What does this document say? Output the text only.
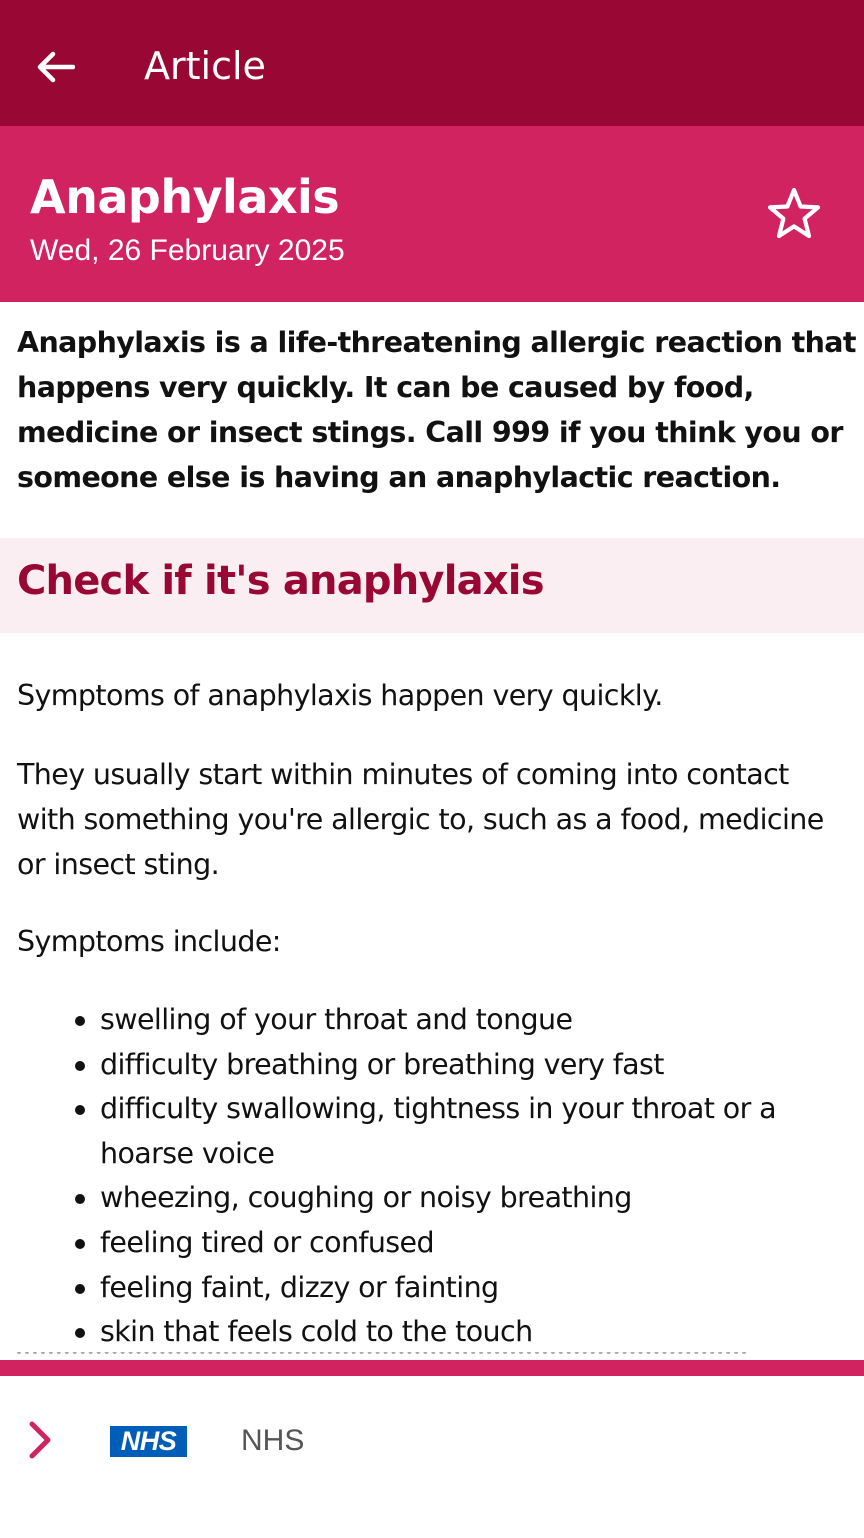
Article
Anaphylaxis
Wed, 26 February 2025

Anaphylaxis is a life-threatening allergic reaction that happens very quickly. It can be caused by food, medicine or insect stings. Call 999 if you think you or someone else is having an anaphylactic reaction.

Check if it's anaphylaxis

Symptoms of anaphylaxis happen very quickly.

They usually start within minutes of coming into contact with something you're allergic to, such as a food, medicine or insect sting.

Symptoms include:

swelling of your throat and tongue
difficulty breathing or breathing very fast
difficulty swallowing, tightness in your throat or a hoarse voice
wheezing, coughing or noisy breathing
feeling tired or confused
feeling faint, dizzy or fainting
skin that feels cold to the touch
NHS NHS
